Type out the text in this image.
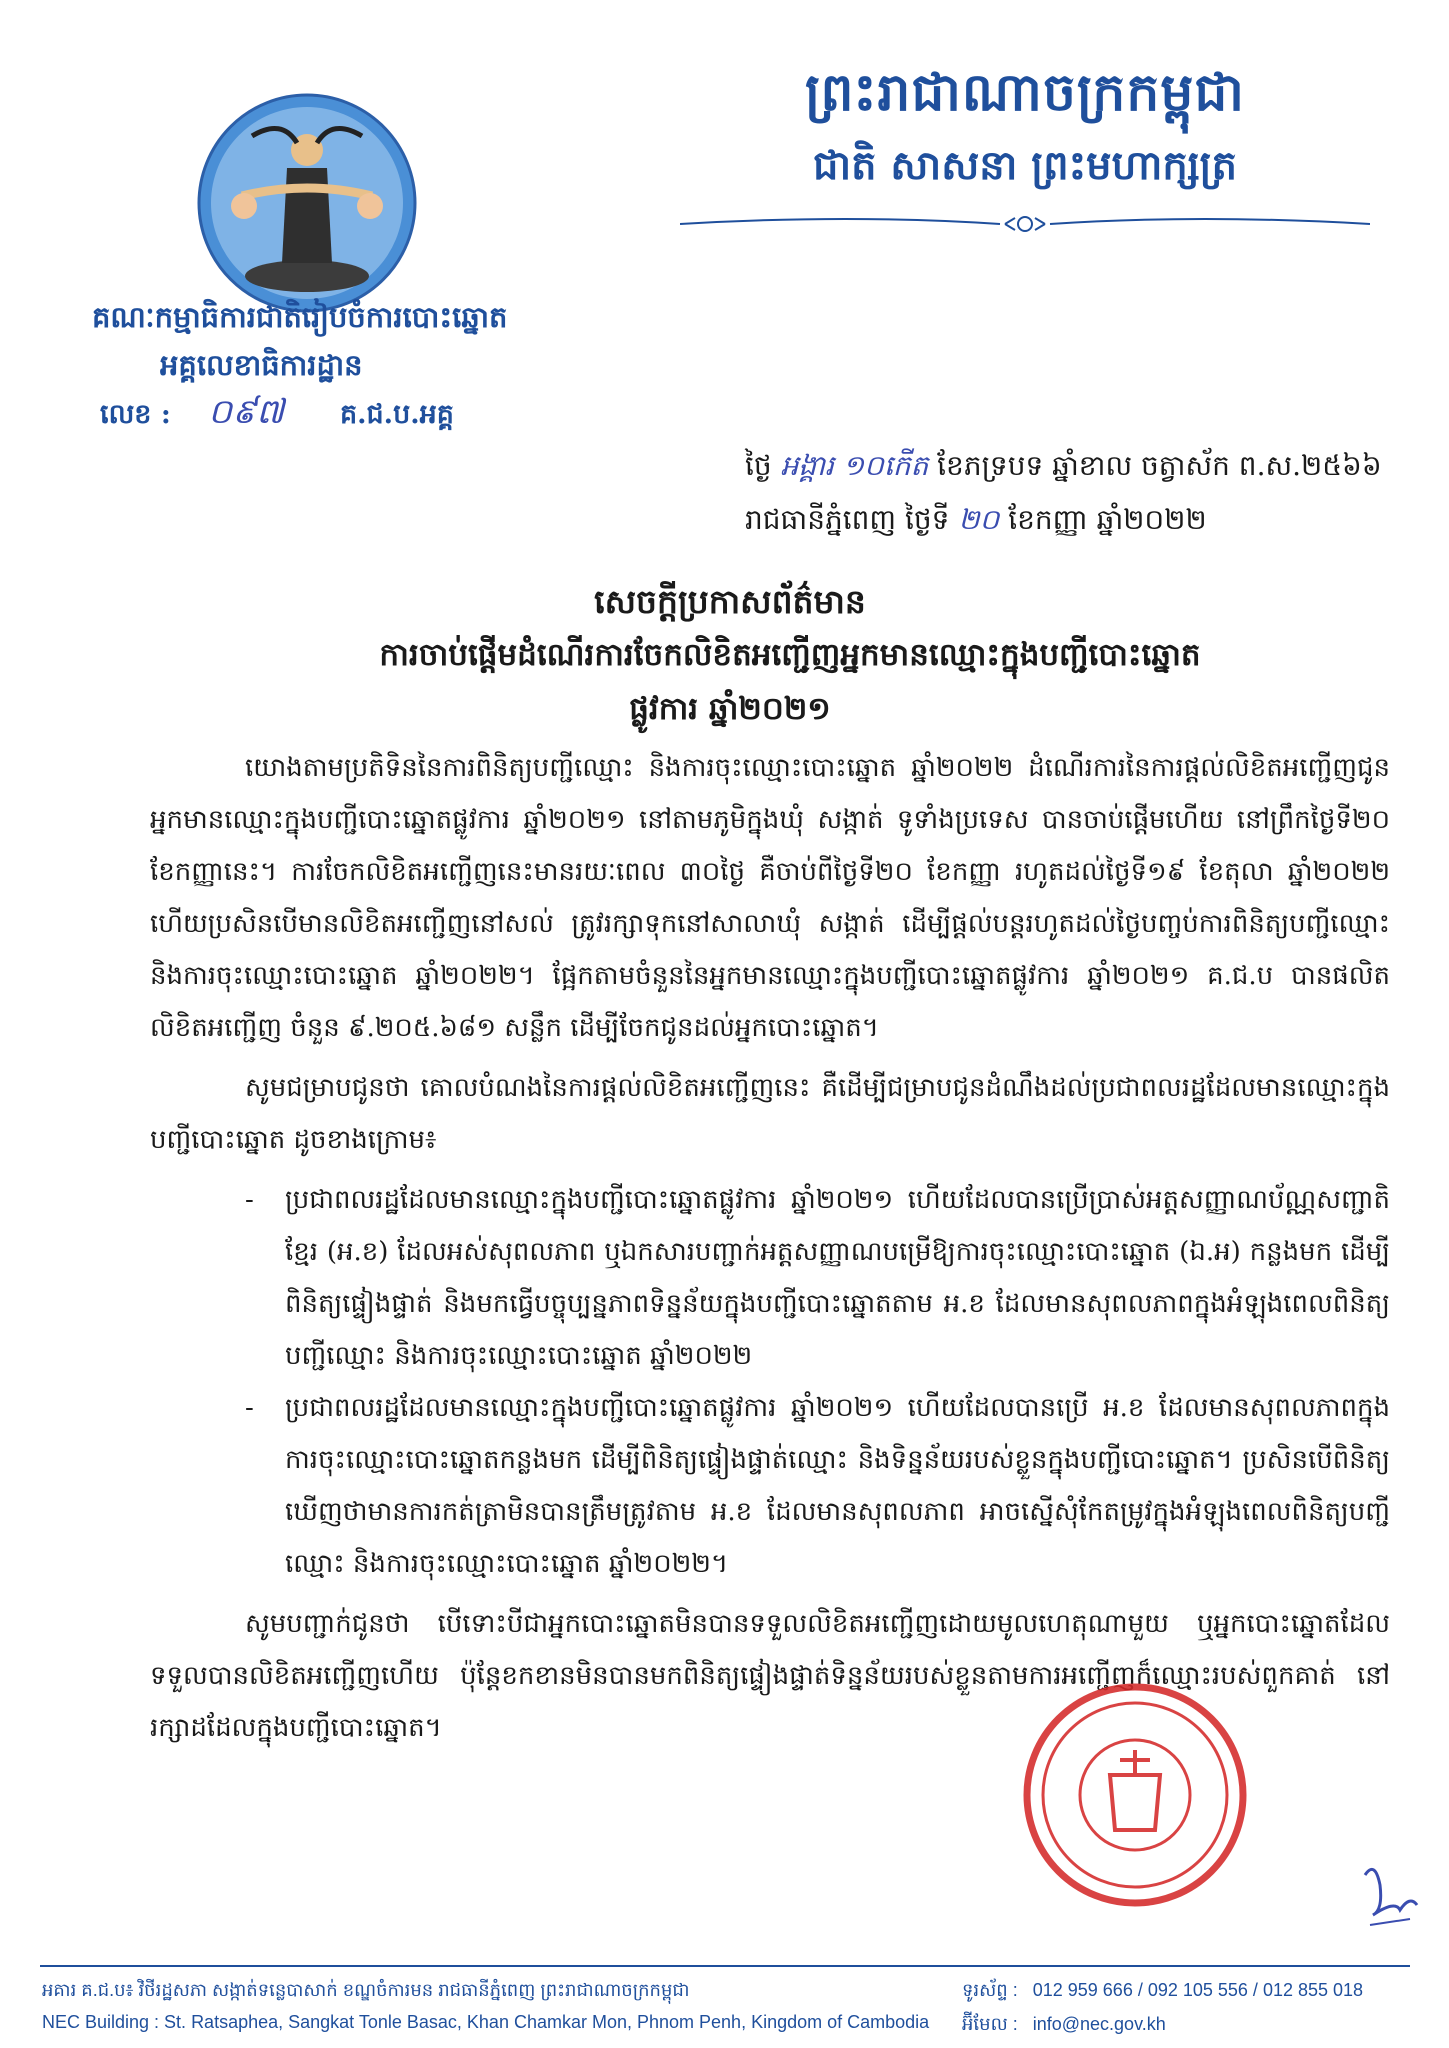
ព្រះរាជាណាចក្រកម្ពុជា
ជាតិ សាសនា ព្រះមហាក្សត្រ
គណៈកម្មាធិការជាតិរៀបចំការបោះឆ្នោត
អគ្គលេខាធិការដ្ឋាន
លេខ : ០៩៧ គ.ជ.ប.អគ្គ
ថ្ងៃ អង្គារ ១០កើត ខែភទ្របទ ឆ្នាំខាល ចត្វាស័ក ព.ស.២៥៦៦
រាជធានីភ្នំពេញ ថ្ងៃទី ២០ ខែកញ្ញា ឆ្នាំ២០២២
សេចក្តីប្រកាសព័ត៌មាន
ការចាប់ផ្តើមដំណើរការចែកលិខិតអញ្ជើញអ្នកមានឈ្មោះក្នុងបញ្ជីបោះឆ្នោត
ផ្លូវការ ឆ្នាំ២០២១

យោងតាមប្រតិទិននៃការពិនិត្យបញ្ជីឈ្មោះ និងការចុះឈ្មោះបោះឆ្នោត ឆ្នាំ២០២២ ដំណើរការនៃការផ្តល់លិខិតអញ្ជើញជូនអ្នកមានឈ្មោះក្នុងបញ្ជីបោះឆ្នោតផ្លូវការ ឆ្នាំ២០២១ នៅតាមភូមិក្នុងឃុំ សង្កាត់ ទូទាំងប្រទេស បានចាប់ផ្តើមហើយ នៅព្រឹកថ្ងៃទី២០ ខែកញ្ញានេះ។ ការចែកលិខិតអញ្ជើញនេះមានរយៈពេល ៣០ថ្ងៃ គឺចាប់ពីថ្ងៃទី២០ ខែកញ្ញា រហូតដល់ថ្ងៃទី១៩ ខែតុលា ឆ្នាំ២០២២ ហើយប្រសិនបើមានលិខិតអញ្ជើញនៅសល់ ត្រូវរក្សាទុកនៅសាលាឃុំ សង្កាត់ ដើម្បីផ្តល់បន្តរហូតដល់ថ្ងៃបញ្ចប់ការពិនិត្យបញ្ជីឈ្មោះ និងការចុះឈ្មោះបោះឆ្នោត ឆ្នាំ២០២២។ ផ្អែកតាមចំនួននៃអ្នកមានឈ្មោះក្នុងបញ្ជីបោះឆ្នោតផ្លូវការ ឆ្នាំ២០២១ គ.ជ.ប បានផលិតលិខិតអញ្ជើញ ចំនួន ៩.២០៥.៦៨១ សន្លឹក ដើម្បីចែកជូនដល់អ្នកបោះឆ្នោត។

សូមជម្រាបជូនថា គោលបំណងនៃការផ្តល់លិខិតអញ្ជើញនេះ គឺដើម្បីជម្រាបជូនដំណឹងដល់ប្រជាពលរដ្ឋដែលមានឈ្មោះក្នុងបញ្ជីបោះឆ្នោត ដូចខាងក្រោម៖

- ប្រជាពលរដ្ឋដែលមានឈ្មោះក្នុងបញ្ជីបោះឆ្នោតផ្លូវការ ឆ្នាំ២០២១ ហើយដែលបានប្រើប្រាស់អត្តសញ្ញាណប័ណ្ណសញ្ជាតិខ្មែរ (អ.ខ) ដែលអស់សុពលភាព ឬឯកសារបញ្ជាក់អត្តសញ្ញាណបម្រើឱ្យការចុះឈ្មោះបោះឆ្នោត (ឯ.អ) កន្លងមក ដើម្បីពិនិត្យផ្ទៀងផ្ទាត់ និងមកធ្វើបច្ចុប្បន្នភាពទិន្នន័យក្នុងបញ្ជីបោះឆ្នោតតាម អ.ខ ដែលមានសុពលភាពក្នុងអំឡុងពេលពិនិត្យបញ្ជីឈ្មោះ និងការចុះឈ្មោះបោះឆ្នោត ឆ្នាំ២០២២
- ប្រជាពលរដ្ឋដែលមានឈ្មោះក្នុងបញ្ជីបោះឆ្នោតផ្លូវការ ឆ្នាំ២០២១ ហើយដែលបានប្រើ អ.ខ ដែលមានសុពលភាពក្នុងការចុះឈ្មោះបោះឆ្នោតកន្លងមក ដើម្បីពិនិត្យផ្ទៀងផ្ទាត់ឈ្មោះ និងទិន្នន័យរបស់ខ្លួនក្នុងបញ្ជីបោះឆ្នោត។ ប្រសិនបើពិនិត្យឃើញថាមានការកត់ត្រាមិនបានត្រឹមត្រូវតាម អ.ខ ដែលមានសុពលភាព អាចស្នើសុំកែតម្រូវក្នុងអំឡុងពេលពិនិត្យបញ្ជីឈ្មោះ និងការចុះឈ្មោះបោះឆ្នោត ឆ្នាំ២០២២។

សូមបញ្ជាក់ជូនថា បើទោះបីជាអ្នកបោះឆ្នោតមិនបានទទួលលិខិតអញ្ជើញដោយមូលហេតុណាមួយ ឬអ្នកបោះឆ្នោតដែលទទួលបានលិខិតអញ្ជើញហើយ ប៉ុន្តែខកខានមិនបានមកពិនិត្យផ្ទៀងផ្ទាត់ទិន្នន័យរបស់ខ្លួនតាមការអញ្ជើញក៏ឈ្មោះរបស់ពួកគាត់ នៅរក្សាដដែលក្នុងបញ្ជីបោះឆ្នោត។

អគារ គ.ជ.ប៖ វិថីរដ្ឋសភា សង្កាត់ទន្លេបាសាក់ ខណ្ឌចំការមន រាជធានីភ្នំពេញ ព្រះរាជាណាចក្រកម្ពុជា
NEC Building : St. Ratsaphea, Sangkat Tonle Basac, Khan Chamkar Mon, Phnom Penh, Kingdom of Cambodia
ទូរស័ព្ទ : 012 959 666 / 092 105 556 / 012 855 018
អ៊ីមែល : info@nec.gov.kh
